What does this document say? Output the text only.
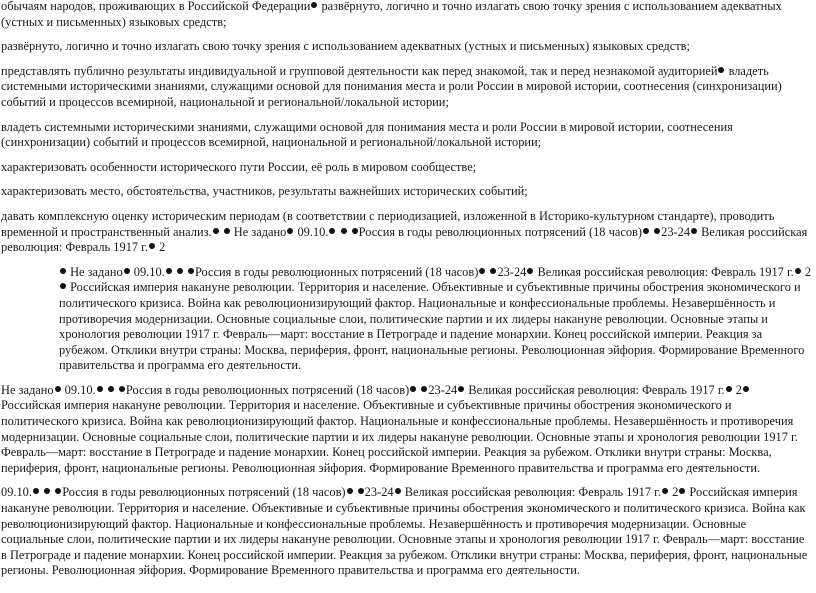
обычаям народов, проживающих в Российской Федерации развёрнуто, логично и точно излагать свою точку зрения с использованием адекватных (устных и письменных) языковых средств;

развёрнуто, логично и точно излагать свою точку зрения с использованием адекватных (устных и письменных) языковых средств;

представлять публично результаты индивидуальной и групповой деятельности как перед знакомой, так и перед незнакомой аудиторией владеть системными историческими знаниями, служащими основой для понимания места и роли России в мировой истории, соотнесения (синхронизации) событий и процессов всемирной, национальной и региональной/локальной истории;

владеть системными историческими знаниями, служащими основой для понимания места и роли России в мировой истории, соотнесения (синхронизации) событий и процессов всемирной, национальной и региональной/локальной истории;

характеризовать особенности исторического пути России, её роль в мировом сообществе;

характеризовать место, обстоятельства, участников, результаты важнейших исторических событий;

давать комплексную оценку историческим периодам (в соответствии с периодизацией, изложенной в Историко-культурном стандарте), проводить временной и пространственный анализ.  Не задано 09.10. Россия в годы революционных потрясений (18 часов) 23-24 Великая российская революция: Февраль 1917 г. 2

Не задано 09.10. Россия в годы революционных потрясений (18 часов) 23-24 Великая российская революция: Февраль 1917 г. 2 Российская империя накануне революции. Территория и население. Объективные и субъективные причины обострения экономического и политического кризиса. Война как революционизирующий фактор. Национальные и конфессиональные проблемы. Незавершённость и противоречия модернизации. Основные социальные слои, политические партии и их лидеры накануне революции. Основные этапы и хронология революции 1917 г. Февраль—март: восстание в Петрограде и падение монархии. Конец российской империи. Реакция за рубежом. Отклики внутри страны: Москва, периферия, фронт, национальные регионы. Революционная эйфория. Формирование Временного правительства и программа его деятельности.

Не задано 09.10. Россия в годы революционных потрясений (18 часов) 23-24 Великая российская революция: Февраль 1917 г. 2 Российская империя накануне революции. Территория и население. Объективные и субъективные причины обострения экономического и политического кризиса. Война как революционизирующий фактор. Национальные и конфессиональные проблемы. Незавершённость и противоречия модернизации. Основные социальные слои, политические партии и их лидеры накануне революции. Основные этапы и хронология революции 1917 г. Февраль—март: восстание в Петрограде и падение монархии. Конец российской империи. Реакция за рубежом. Отклики внутри страны: Москва, периферия, фронт, национальные регионы. Революционная эйфория. Формирование Временного правительства и программа его деятельности.

09.10. Россия в годы революционных потрясений (18 часов) 23-24 Великая российская революция: Февраль 1917 г. 2 Российская империя накануне революции. Территория и население. Объективные и субъективные причины обострения экономического и политического кризиса. Война как революционизирующий фактор. Национальные и конфессиональные проблемы. Незавершённость и противоречия модернизации. Основные социальные слои, политические партии и их лидеры накануне революции. Основные этапы и хронология революции 1917 г. Февраль—март: восстание в Петрограде и падение монархии. Конец российской империи. Реакция за рубежом. Отклики внутри страны: Москва, периферия, фронт, национальные регионы. Революционная эйфория. Формирование Временного правительства и программа его деятельности.
